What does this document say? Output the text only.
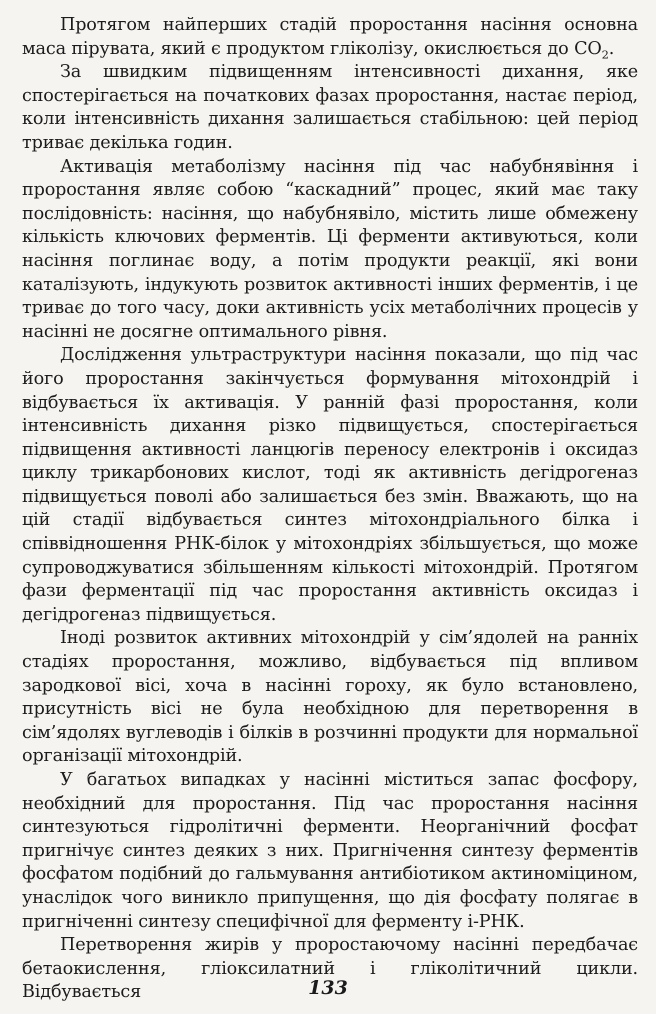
Протягом найперших стадій проростання насіння основна маса пірувата, який є продуктом гліколізу, окислюється до $CO_2$.

За швидким підвищенням інтенсивності дихання, яке спостерігається на початкових фазах проростання, настає період, коли інтенсивність дихання залишається стабільною: цей період триває декілька годин.

Активація метаболізму насіння під час набубнявіння і проростання являє собою “каскадний” процес, який має таку послідовність: насіння, що набубнявіло, містить лише обмежену кількість ключових ферментів. Ці ферменти активуються, коли насіння поглинає воду, а потім продукти реакції, які вони каталізують, індукують розвиток активності інших ферментів, і це триває до того часу, доки активність усіх метаболічних процесів у насінні не досягне оптимального рівня.

Дослідження ультраструктури насіння показали, що під час його проростання закінчується формування мітохондрій і відбувається їх активація. У ранній фазі проростання, коли інтенсивність дихання різко підвищується, спостерігається підвищення активності ланцюгів переносу електронів і оксидаз циклу трикарбонових кислот, тоді як активність дегідрогеназ підвищується поволі або залишається без змін. Вважають, що на цій стадії відбувається синтез мітохондріального білка і співвідношення РНК-білок у мітохондріях збільшується, що може супроводжуватися збільшенням кількості мітохондрій. Протягом фази ферментації під час проростання активність оксидаз і дегідрогеназ підвищується.

Іноді розвиток активних мітохондрій у сім’ядолей на ранніх стадіях проростання, можливо, відбувається під впливом зародкової вісі, хоча в насінні гороху, як було встановлено, присутність вісі не була необхідною для перетворення в сім’ядолях вуглеводів і білків в розчинні продукти для нормальної організації мітохондрій.

У багатьох випадках у насінні міститься запас фосфору, необхідний для проростання. Під час проростання насіння синтезуються гідролітичні ферменти. Неорганічний фосфат пригнічує синтез деяких з них. Пригнічення синтезу ферментів фосфатом подібний до гальмування антибіотиком актиноміцином, унаслідок чого виникло припущення, що дія фосфату полягає в пригніченні синтезу специфічної для ферменту і-РНК.

Перетворення жирів у проростаючому насінні передбачає бетаокислення, гліоксилатний і гліколітичний цикли. Відбувається	133
